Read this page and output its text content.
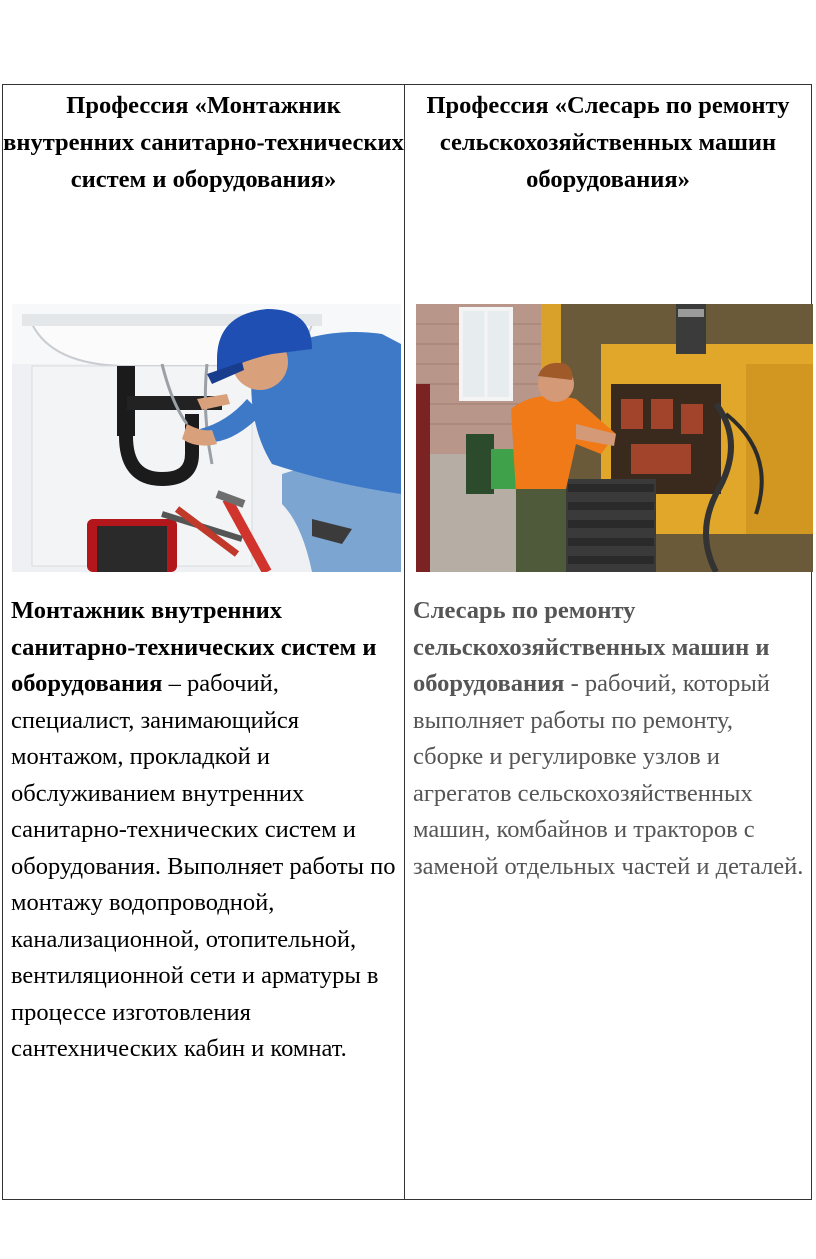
Профессия «Монтажник внутренних санитарно-технических систем и оборудования»
Монтажник внутренних санитарно-технических систем и оборудования – рабочий, специалист, занимающийся монтажом, прокладкой и обслуживанием внутренних санитарно-технических систем и оборудования. Выполняет работы по монтажу водопроводной, канализационной, отопительной, вентиляционной сети и арматуры в процессе изготовления сантехнических кабин и комнат.
Профессия «Слесарь по ремонту сельскохозяйственных машин оборудования»
Слесарь по ремонту сельскохозяйственных машин и оборудования - рабочий, который выполняет работы по ремонту, сборке и регулировке узлов и агрегатов сельскохозяйственных машин, комбайнов и тракторов с заменой отдельных частей и деталей.
